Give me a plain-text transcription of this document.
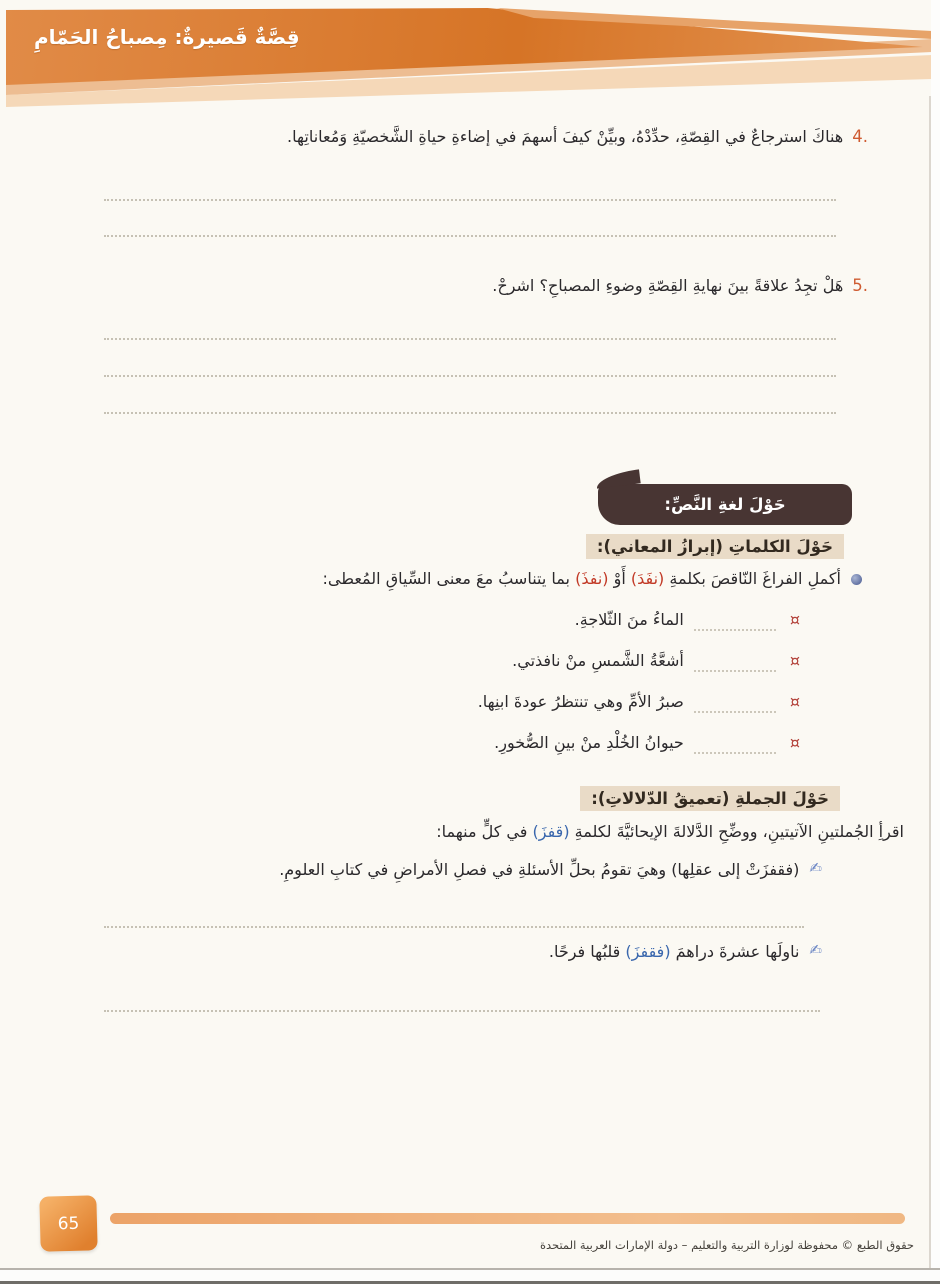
قِصَّةٌ قَصيرةٌ: مِصباحُ الحَمّامِ
4.
هناكَ استرجاعٌ في القِصّةِ، حدِّدْهُ، وبيِّنْ كيفَ أسهمَ في إضاءةِ حياةِ الشَّخصيّةِ وَمُعاناتِها.
5.
هَلْ تجِدُ علاقةً بينَ نهايةِ القِصّةِ وضوءِ المصباحِ؟ اشرحْ.
حَوْلَ لغةِ النَّصِّ:
حَوْلَ الكلماتِ (إبرازُ المعاني):
أكملِ الفراغَ النّاقصَ بكلمةِ (نفَدَ) أَوْ (نفذَ) بما يتناسبُ معَ معنى السِّياقِ المُعطى:
¤
الماءُ منَ الثّلاجةِ.
¤
أشعَّةُ الشَّمسِ منْ نافذتي.
¤
صبرُ الأمِّ وهي تنتظرُ عودةَ ابنِها.
¤
حيوانُ الخُلْدِ منْ بينِ الصُّخورِ.
حَوْلَ الجملةِ (تعميقُ الدّلالاتِ):
اقرأِ الجُملتينِ الآتيتينِ، ووضِّحِ الدَّلالةَ الإيحائيَّةَ لكلمةِ (قفزَ) في كلٍّ منهما:
✍
(فقفزَتْ إلى عقلِها) وهيَ تقومُ بحلِّ الأسئلةِ في فصلِ الأمراضِ في كتابِ العلومِ.
✍
ناولَها عشرةَ دراهمَ (فقفزَ) قلبُها فرحًا.
65
حقوق الطبع © محفوظة لوزارة التربية والتعليم – دولة الإمارات العربية المتحدة
